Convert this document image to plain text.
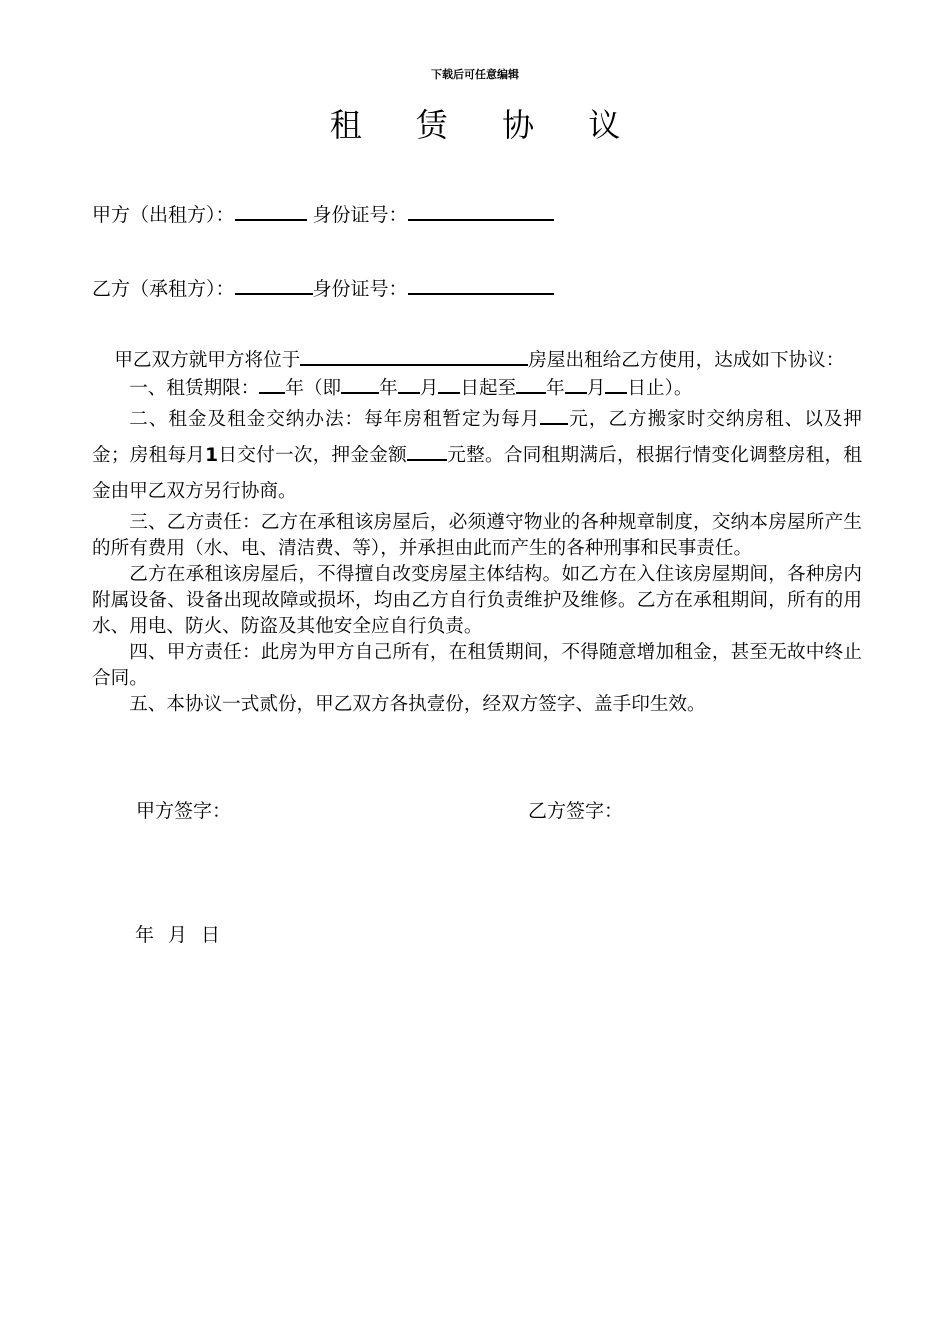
下载后可任意编辑
租 赁 协 议
甲方（出租方）：	身份证号：
乙方（承租方）：	身份证号：

甲乙双方就甲方将位于	房屋出租给乙方使用，达成如下协议：

一、租赁期限： 年（即 年 月 日起至 年 月 日止）。

二、租金及租金交纳办法：每年房租暂定为每月 元，乙方搬家时交纳房租、以及押金；房租每月1日交付一次，押金金额 元整。合同租期满后，根据行情变化调整房租，租金由甲乙双方另行协商。

三、乙方责任：乙方在承租该房屋后，必须遵守物业的各种规章制度，交纳本房屋所产生的所有费用（水、电、清洁费、等），并承担由此而产生的各种刑事和民事责任。

乙方在承租该房屋后，不得擅自改变房屋主体结构。如乙方在入住该房屋期间，各种房内附属设备、设备出现故障或损坏，均由乙方自行负责维护及维修。乙方在承租期间，所有的用水、用电、防火、防盗及其他安全应自行负责。

四、甲方责任：此房为甲方自己所有，在租赁期间，不得随意增加租金，甚至无故中终止合同。

五、本协议一式贰份，甲乙双方各执壹份，经双方签字、盖手印生效。

甲方签字：	乙方签字：
年 月 日
